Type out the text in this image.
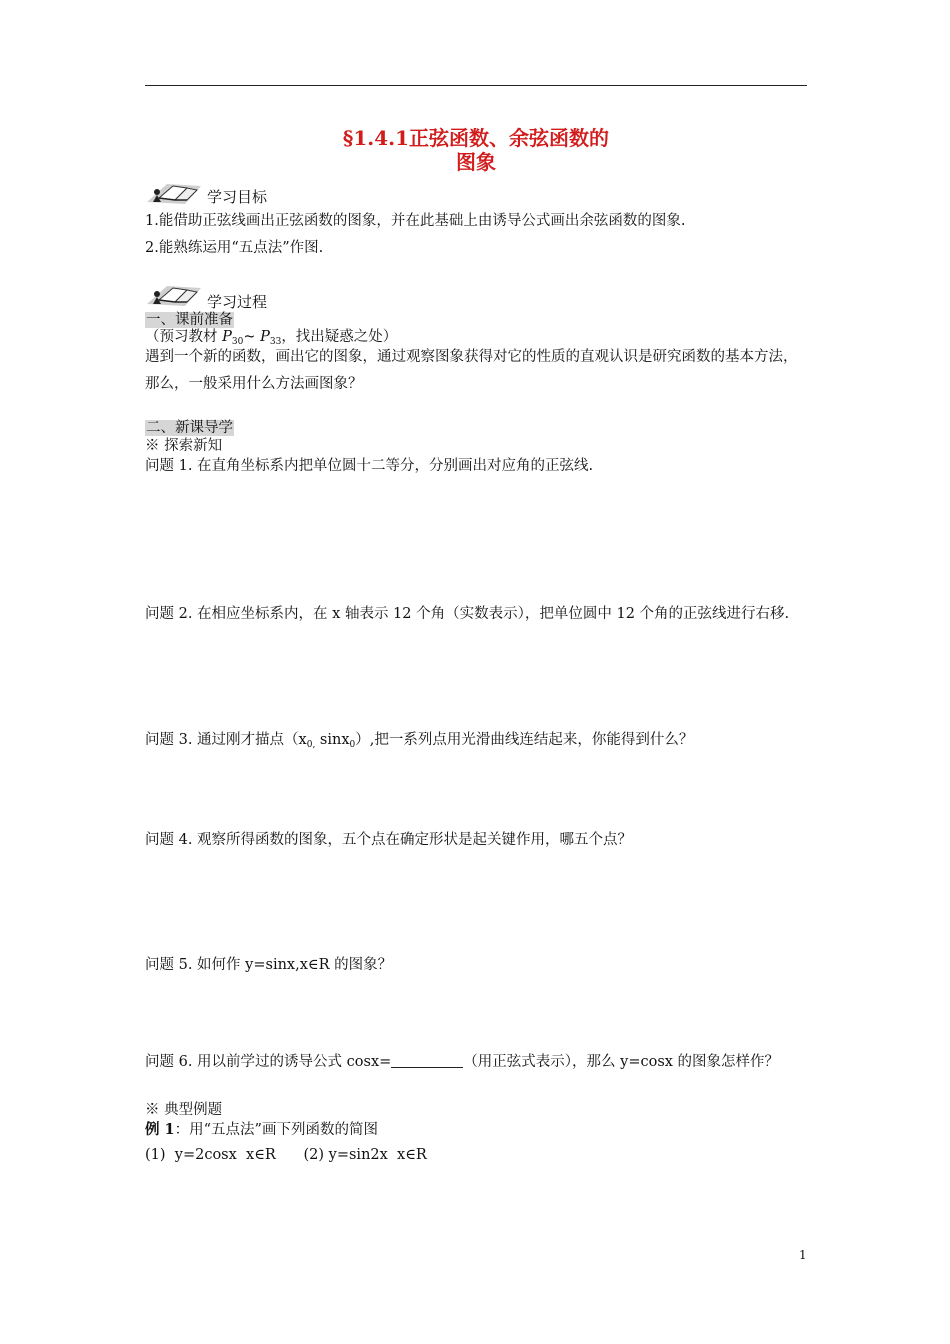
§1.4.1正弦函数、余弦函数的
图象
学习目标
1.能借助正弦线画出正弦函数的图象，并在此基础上由诱导公式画出余弦函数的图象.
2.能熟练运用“五点法”作图.
学习过程
一、课前准备
（预习教材 $P_{30}\sim$ $P_{33}$，找出疑惑之处）
遇到一个新的函数，画出它的图象，通过观察图象获得对它的性质的直观认识是研究函数的基本方法，那么，一般采用什么方法画图象？
二、新课导学
※ 探索新知
问题 1. 在直角坐标系内把单位圆十二等分，分别画出对应角的正弦线.
问题 2. 在相应坐标系内，在 x 轴表示 12 个角（实数表示），把单位圆中 12 个角的正弦线进行右移.
问题 3. 通过刚才描点（$x_{0,}$ sinx$_0$）,把一系列点用光滑曲线连结起来，你能得到什么？
问题 4. 观察所得函数的图象，五个点在确定形状是起关键作用，哪五个点？
问题 5. 如何作 y=sinx,x∈R 的图象？
问题 6. 用以前学过的诱导公式 cosx=	（用正弦式表示），那么 y=cosx 的图象怎样作？
※ 典型例题
例 1：用“五点法”画下列函数的简图
(1)  y=2cosx  x∈R      (2) y=sin2x  x∈R
1
